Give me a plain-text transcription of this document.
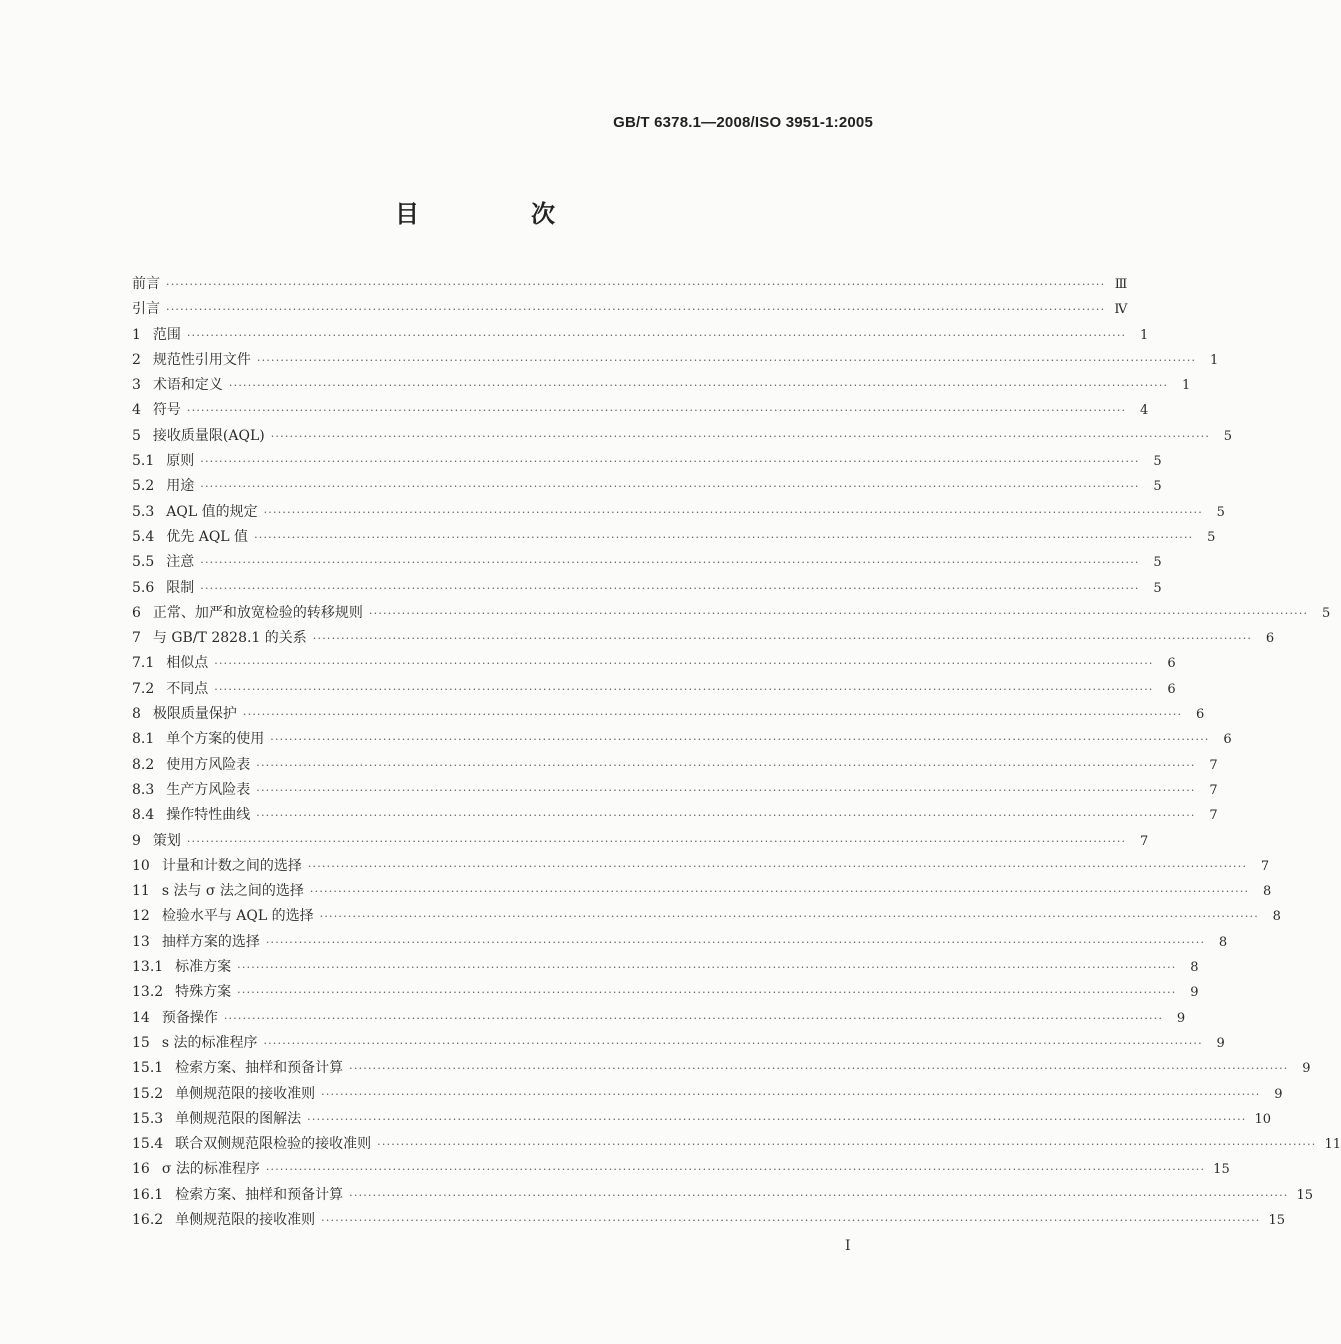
GB/T 6378.1—2008/ISO 3951-1:2005
目　次
前言 ········································································································································································································ Ⅲ
引言 ········································································································································································································ Ⅳ
1 范围 ········································································································································································································	1
2 规范性引用文件 ········································································································································································································	1
3 术语和定义 ········································································································································································································	1
4 符号 ········································································································································································································	4
5 接收质量限(AQL) ········································································································································································································	5
5.1 原则 ········································································································································································································	5
5.2 用途 ········································································································································································································	5
5.3 AQL 值的规定 ········································································································································································································	5
5.4 优先 AQL 值 ········································································································································································································	5
5.5 注意 ········································································································································································································	5
5.6 限制 ········································································································································································································	5
6 正常、加严和放宽检验的转移规则 ········································································································································································································	5
7 与 GB/T 2828.1 的关系 ········································································································································································································	6
7.1 相似点 ········································································································································································································	6
7.2 不同点 ········································································································································································································	6
8 极限质量保护 ········································································································································································································	6
8.1 单个方案的使用 ········································································································································································································	6
8.2 使用方风险表 ········································································································································································································	7
8.3 生产方风险表 ········································································································································································································	7
8.4 操作特性曲线 ········································································································································································································	7
9 策划 ········································································································································································································	7
10 计量和计数之间的选择 ········································································································································································································	7
11 s 法与 σ 法之间的选择 ········································································································································································································	8
12 检验水平与 AQL 的选择 ········································································································································································································	8
13 抽样方案的选择 ········································································································································································································	8
13.1 标准方案 ········································································································································································································	8
13.2 特殊方案 ········································································································································································································	9
14 预备操作 ········································································································································································································	9
15 s 法的标准程序 ········································································································································································································	9
15.1 检索方案、抽样和预备计算 ········································································································································································································	9
15.2 单侧规范限的接收准则 ········································································································································································································	9
15.3 单侧规范限的图解法 ········································································································································································································ 10
15.4 联合双侧规范限检验的接收准则 ········································································································································································································ 11
16 σ 法的标准程序 ········································································································································································································ 15
16.1 检索方案、抽样和预备计算 ········································································································································································································ 15
16.2 单侧规范限的接收准则 ········································································································································································································ 15
I
